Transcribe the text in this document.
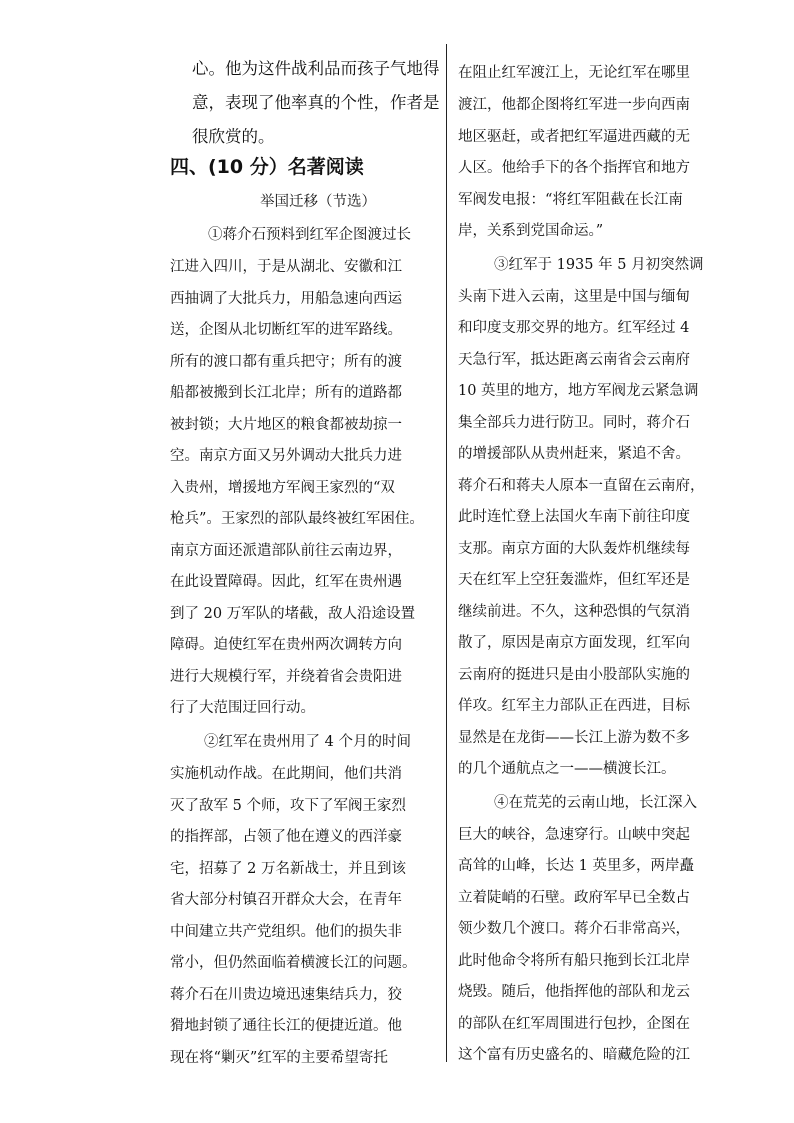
心。他为这件战利品而孩子气地得
意，表现了他率真的个性，作者是
很欣赏的。
四、(10 分）名著阅读
举国迁移（节选）
①蒋介石预料到红军企图渡过长
江进入四川，于是从湖北、安徽和江
西抽调了大批兵力，用船急速向西运
送，企图从北切断红军的进军路线。
所有的渡口都有重兵把守；所有的渡
船都被搬到长江北岸；所有的道路都
被封锁；大片地区的粮食都被劫掠一
空。南京方面又另外调动大批兵力进
入贵州，增援地方军阀王家烈的“双
枪兵”。王家烈的部队最终被红军困住。
南京方面还派遣部队前往云南边界，
在此设置障碍。因此，红军在贵州遇
到了 20 万军队的堵截，敌人沿途设置
障碍。迫使红军在贵州两次调转方向
进行大规模行军，并绕着省会贵阳进
行了大范围迂回行动。
②红军在贵州用了 4 个月的时间
实施机动作战。在此期间，他们共消
灭了敌军 5 个师，攻下了军阀王家烈
的指挥部，占领了他在遵义的西洋豪
宅，招募了 2 万名新战士，并且到该
省大部分村镇召开群众大会，在青年
中间建立共产党组织。他们的损失非
常小，但仍然面临着横渡长江的问题。
蒋介石在川贵边境迅速集结兵力，狡
猾地封锁了通往长江的便捷近道。他
现在将“剿灭”红军的主要希望寄托
在阻止红军渡江上，无论红军在哪里
渡江，他都企图将红军进一步向西南
地区驱赶，或者把红军逼进西藏的无
人区。他给手下的各个指挥官和地方
军阀发电报：“将红军阻截在长江南
岸，关系到党国命运。”
③红军于 1935 年 5 月初突然调
头南下进入云南，这里是中国与缅甸
和印度支那交界的地方。红军经过 4
天急行军，抵达距离云南省会云南府
10 英里的地方，地方军阀龙云紧急调
集全部兵力进行防卫。同时，蒋介石
的增援部队从贵州赶来，紧追不舍。
蒋介石和蒋夫人原本一直留在云南府，
此时连忙登上法国火车南下前往印度
支那。南京方面的大队轰炸机继续每
天在红军上空狂轰滥炸，但红军还是
继续前进。不久，这种恐惧的气氛消
散了，原因是南京方面发现，红军向
云南府的挺进只是由小股部队实施的
佯攻。红军主力部队正在西进，目标
显然是在龙街——长江上游为数不多
的几个通航点之一——横渡长江。
④在荒芜的云南山地，长江深入
巨大的峡谷，急速穿行。山峡中突起
高耸的山峰，长达 1 英里多，两岸矗
立着陡峭的石壁。政府军早已全数占
领少数几个渡口。蒋介石非常高兴，
此时他命令将所有船只拖到长江北岸
烧毁。随后，他指挥他的部队和龙云
的部队在红军周围进行包抄，企图在
这个富有历史盛名的、暗藏危险的江
